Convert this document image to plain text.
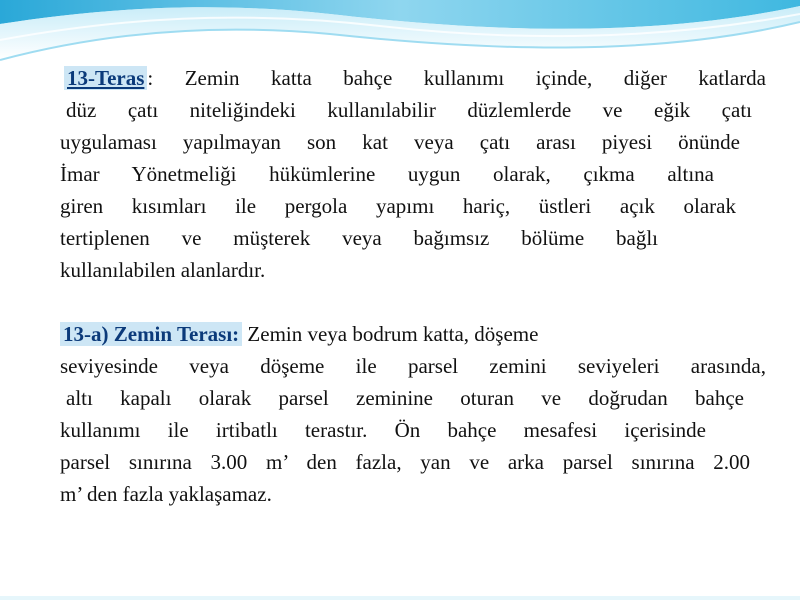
13-Teras : Zemin katta bahçe kullanımı içinde, diğer katlarda
düz çatı niteliğindeki kullanılabilir düzlemlerde ve eğik çatı
uygulaması yapılmayan son kat veya çatı arası piyesi önünde
İmar Yönetmeliği hükümlerine uygun olarak, çıkma altına
giren kısımları ile pergola yapımı hariç, üstleri açık olarak
tertiplenen ve müşterek veya bağımsız bölüme bağlı
kullanılabilen alanlardır.
13-a) Zemin Terası: Zemin veya bodrum katta, döşeme
seviyesinde veya döşeme ile parsel zemini seviyeleri arasında,
altı kapalı olarak parsel zeminine oturan ve doğrudan bahçe
kullanımı ile irtibatlı terastır. Ön bahçe mesafesi içerisinde
parsel sınırına 3.00 m’ den fazla, yan ve arka parsel sınırına 2.00
m’ den fazla yaklaşamaz.
